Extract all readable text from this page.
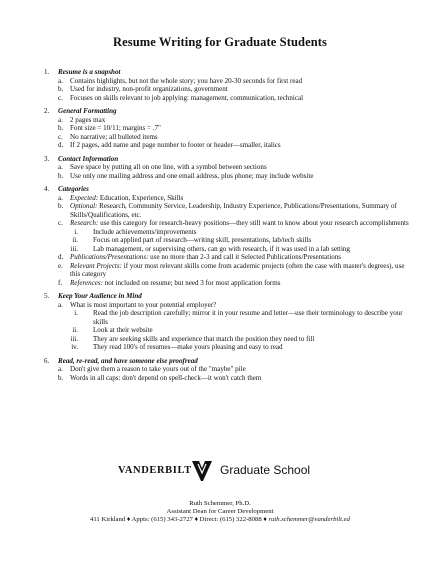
Resume Writing for Graduate Students
1. Resume is a snapshot
a. Contains highlights, but not the whole story; you have 20-30 seconds for first read
b. Used for industry, non-profit organizations, government
c. Focuses on skills relevant to job applying: management, communication, technical
2. General Formatting
a. 2 pages max
b. Font size = 10/11; margins = .7"
c. No narrative; all bulleted items
d. If 2 pages, add name and page number to footer or header—smaller, italics
3. Contact Information
a. Save space by putting all on one line, with a symbol between sections
b. Use only one mailing address and one email address, plus phone; may include website
4. Categories
a. Expected: Education, Experience, Skills
b. Optional: Research, Community Service, Leadership, Industry Experience, Publications/Presentations, Summary of Skills/Qualifications, etc.
c. Research: use this category for research-heavy positions—they still want to know about your research accomplishments
i.	Include achievements/improvements
ii.	Focus on applied part of research—writing skill, presentations, lab/tech skills
iii.	Lab management, or supervising others, can go with research, if it was used in a lab setting
d. Publications/Presentations: use no more than 2-3 and call it Selected Publications/Presentations
e. Relevant Projects: if your most relevant skills come from academic projects (often the case with master's degrees), use this category
f. References: not included on resume; but need 3 for most application forms
5. Keep Your Audience in Mind
a. What is most important to your potential employer?
i.	Read the job description carefully; mirror it in your resume and letter—use their terminology to describe your skills
ii.	Look at their website
iii.	They are seeking skills and experience that match the position they need to fill
iv.	They read 100's of resumes—make yours pleasing and easy to read
6. Read, re-read, and have someone else proofread
a. Don't give them a reason to take yours out of the "maybe" pile
b. Words in all caps: don't depend on spell-check—it won't catch them
VANDERBILT Graduate School
Ruth Schemmer, Ph.D.
Assistant Dean for Career Development
411 Kirkland ♦ Appts: (615) 343-2727 ♦ Direct: (615) 322-8088 ♦ ruth.schemmer@vanderbilt.ed
